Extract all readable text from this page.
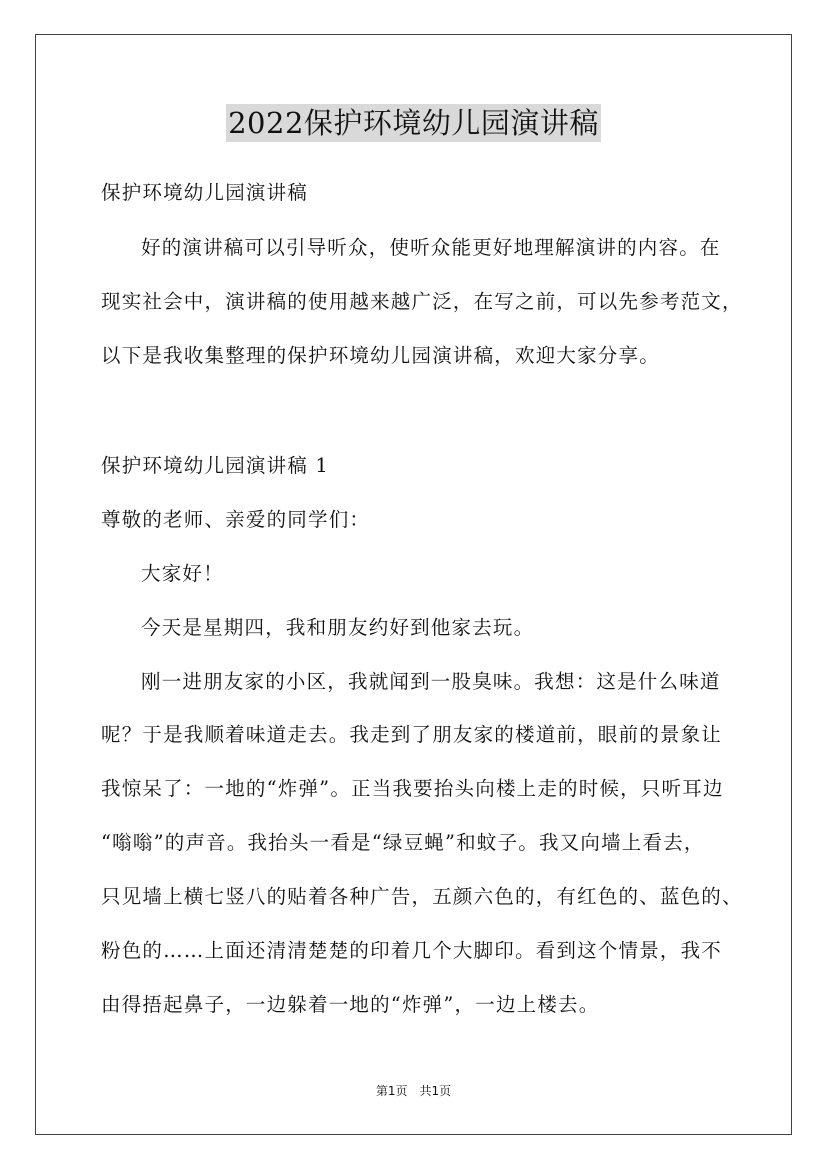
2022保护环境幼儿园演讲稿
保护环境幼儿园演讲稿
好的演讲稿可以引导听众，使听众能更好地理解演讲的内容。在
现实社会中，演讲稿的使用越来越广泛，在写之前，可以先参考范文，
以下是我收集整理的保护环境幼儿园演讲稿，欢迎大家分享。
保护环境幼儿园演讲稿 1
尊敬的老师、亲爱的同学们：
大家好！
今天是星期四，我和朋友约好到他家去玩。
刚一进朋友家的小区，我就闻到一股臭味。我想：这是什么味道
呢？于是我顺着味道走去。我走到了朋友家的楼道前，眼前的景象让
我惊呆了：一地的“炸弹”。正当我要抬头向楼上走的时候，只听耳边
“嗡嗡”的声音。我抬头一看是“绿豆蝇”和蚊子。我又向墙上看去，
只见墙上横七竖八的贴着各种广告，五颜六色的，有红色的、蓝色的、
粉色的……上面还清清楚楚的印着几个大脚印。看到这个情景，我不
由得捂起鼻子，一边躲着一地的“炸弹”，一边上楼去。
第1页　共1页
